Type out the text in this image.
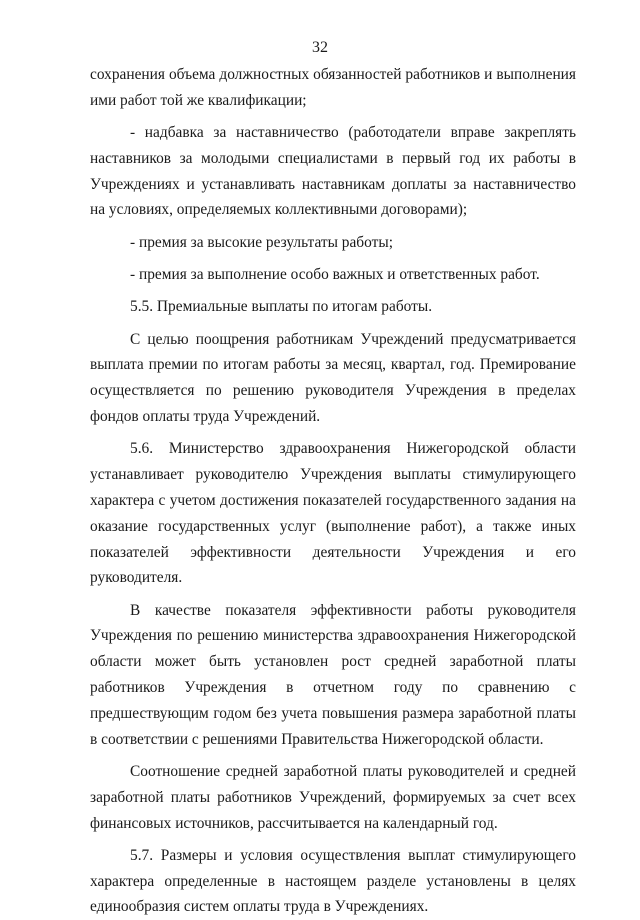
32

сохранения объема должностных обязанностей работников и выполнения ими работ той же квалификации;

- надбавка за наставничество (работодатели вправе закреплять наставников за молодыми специалистами в первый год их работы в Учреждениях и устанавливать наставникам доплаты за наставничество на условиях, определяемых коллективными договорами);

- премия за высокие результаты работы;

- премия за выполнение особо важных и ответственных работ.

5.5. Премиальные выплаты по итогам работы.

С целью поощрения работникам Учреждений предусматривается выплата премии по итогам работы за месяц, квартал, год. Премирование осуществляется по решению руководителя Учреждения в пределах фондов оплаты труда Учреждений.

5.6. Министерство здравоохранения Нижегородской области устанавливает руководителю Учреждения выплаты стимулирующего характера с учетом достижения показателей государственного задания на оказание государственных услуг (выполнение работ), а также иных показателей эффективности деятельности Учреждения и его руководителя.

В качестве показателя эффективности работы руководителя Учреждения по решению министерства здравоохранения Нижегородской области может быть установлен рост средней заработной платы работников Учреждения в отчетном году по сравнению с предшествующим годом без учета повышения размера заработной платы в соответствии с решениями Правительства Нижегородской области.

Соотношение средней заработной платы руководителей и средней заработной платы работников Учреждений, формируемых за счет всех финансовых источников, рассчитывается на календарный год.

5.7. Размеры и условия осуществления выплат стимулирующего характера определенные в настоящем разделе установлены в целях единообразия систем оплаты труда в Учреждениях.
